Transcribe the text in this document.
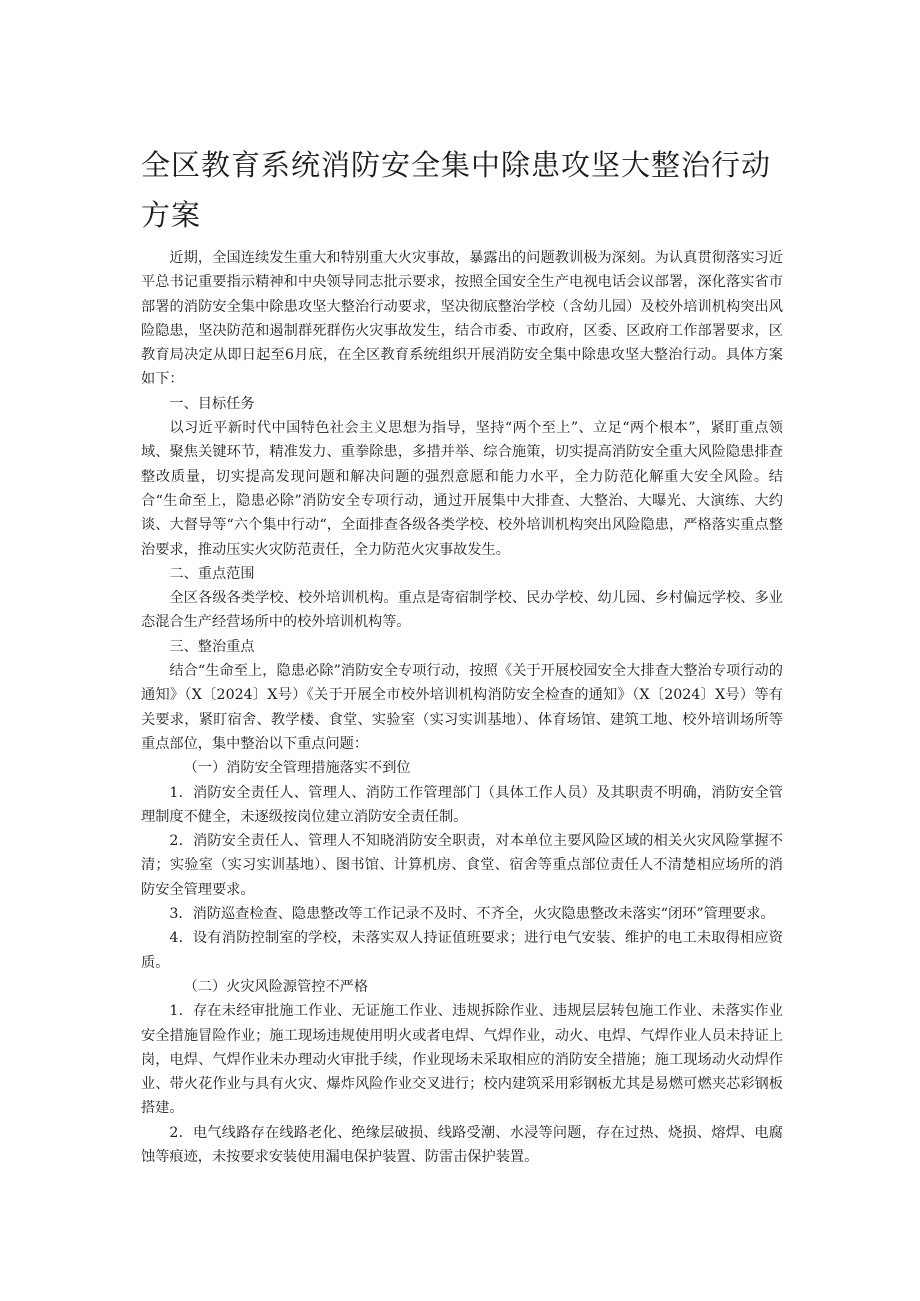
全区教育系统消防安全集中除患攻坚大整治行动方案

近期，全国连续发生重大和特别重大火灾事故，暴露出的问题教训极为深刻。为认真贯彻落实习近平总书记重要指示精神和中央领导同志批示要求，按照全国安全生产电视电话会议部署，深化落实省市部署的消防安全集中除患攻坚大整治行动要求，坚决彻底整治学校（含幼儿园）及校外培训机构突出风险隐患，坚决防范和遏制群死群伤火灾事故发生，结合市委、市政府，区委、区政府工作部署要求，区教育局决定从即日起至6月底，在全区教育系统组织开展消防安全集中除患攻坚大整治行动。具体方案如下：

一、目标任务

以习近平新时代中国特色社会主义思想为指导，坚持“两个至上”、立足“两个根本”，紧盯重点领域、聚焦关键环节，精准发力、重拳除患，多措并举、综合施策，切实提高消防安全重大风险隐患排查整改质量，切实提高发现问题和解决问题的强烈意愿和能力水平，全力防范化解重大安全风险。结合“生命至上，隐患必除”消防安全专项行动，通过开展集中大排查、大整治、大曝光、大演练、大约谈、大督导等“六个集中行动“，全面排查各级各类学校、校外培训机构突出风险隐患，严格落实重点整治要求，推动压实火灾防范责任，全力防范火灾事故发生。

二、重点范围

全区各级各类学校、校外培训机构。重点是寄宿制学校、民办学校、幼儿园、乡村偏远学校、多业态混合生产经营场所中的校外培训机构等。

三、整治重点

结合“生命至上，隐患必除”消防安全专项行动，按照《关于开展校园安全大排查大整治专项行动的通知》（X〔2024〕X号）《关于开展全市校外培训机构消防安全检查的通知》（X〔2024〕X号）等有关要求，紧盯宿舍、教学楼、食堂、实验室（实习实训基地）、体育场馆、建筑工地、校外培训场所等重点部位，集中整治以下重点问题：

（一）消防安全管理措施落实不到位

1．消防安全责任人、管理人、消防工作管理部门（具体工作人员）及其职责不明确，消防安全管理制度不健全，未逐级按岗位建立消防安全责任制。

2．消防安全责任人、管理人不知晓消防安全职责，对本单位主要风险区域的相关火灾风险掌握不清；实验室（实习实训基地）、图书馆、计算机房、食堂、宿舍等重点部位责任人不清楚相应场所的消防安全管理要求。

3．消防巡查检查、隐患整改等工作记录不及时、不齐全，火灾隐患整改未落实“闭环”管理要求。

4．设有消防控制室的学校，未落实双人持证值班要求；进行电气安装、维护的电工未取得相应资质。

（二）火灾风险源管控不严格

1．存在未经审批施工作业、无证施工作业、违规拆除作业、违规层层转包施工作业、未落实作业安全措施冒险作业；施工现场违规使用明火或者电焊、气焊作业，动火、电焊、气焊作业人员未持证上岗，电焊、气焊作业未办理动火审批手续，作业现场未采取相应的消防安全措施；施工现场动火动焊作业、带火花作业与具有火灾、爆炸风险作业交叉进行；校内建筑采用彩钢板尤其是易燃可燃夹芯彩钢板搭建。

2．电气线路存在线路老化、绝缘层破损、线路受潮、水浸等问题，存在过热、烧损、熔焊、电腐蚀等痕迹，未按要求安装使用漏电保护装置、防雷击保护装置。
